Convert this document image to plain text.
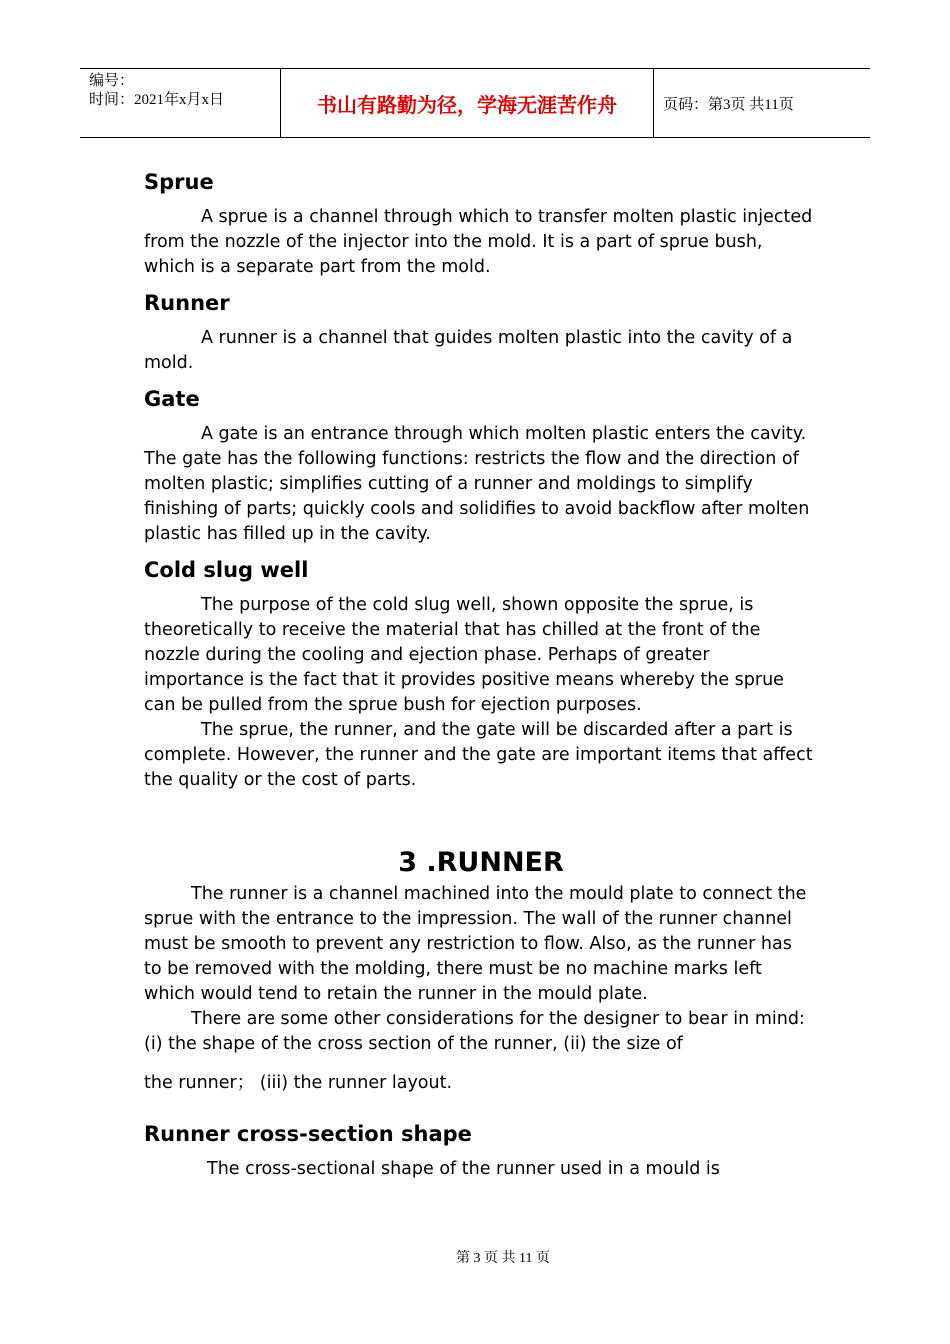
编号：
时间：2021年x月x日	书山有路勤为径，学海无涯苦作舟	页码：第3页 共11页
Sprue

A sprue is a channel through which to transfer molten plastic injected from the nozzle of the injector into the mold. It is a part of sprue bush, which is a separate part from the mold.

Runner

A runner is a channel that guides molten plastic into the cavity of a mold.

Gate

A gate is an entrance through which molten plastic enters the cavity. The gate has the following functions: restricts the flow and the direction of molten plastic; simplifies cutting of a runner and moldings to simplify finishing of parts; quickly cools and solidifies to avoid backflow after molten plastic has filled up in the cavity.

Cold slug well

The purpose of the cold slug well, shown opposite the sprue, is theoretically to receive the material that has chilled at the front of the nozzle during the cooling and ejection phase. Perhaps of greater importance is the fact that it provides positive means whereby the sprue can be pulled from the sprue bush for ejection purposes.

The sprue, the runner, and the gate will be discarded after a part is complete. However, the runner and the gate are important items that affect the quality or the cost of parts.

3 .RUNNER

The runner is a channel machined into the mould plate to connect the sprue with the entrance to the impression. The wall of the runner channel must be smooth to prevent any restriction to flow. Also, as the runner has to be removed with the molding, there must be no machine marks left which would tend to retain the runner in the mould plate.

There are some other considerations for the designer to bear in mind: (i) the shape of the cross section of the runner, (ii) the size of

the runner； (iii) the runner layout.

Runner cross-section shape

The cross-sectional shape of the runner used in a mould is

第 3 页 共 11 页
